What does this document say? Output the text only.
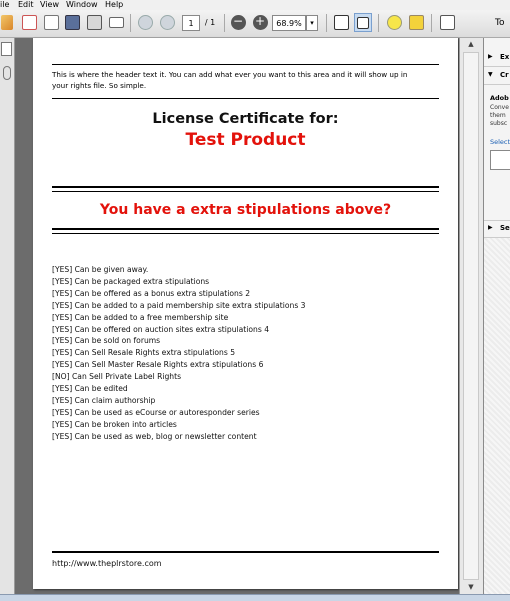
ile Edit View Window Help
1	/ 1 − +	68.9%	▾	To
This is where the header text it. You can add what ever you want to this area and it will show up in
your rights file. So simple.
License Certificate for:
Test Product
You have a extra stipulations above?
[YES] Can be given away.
[YES] Can be packaged extra stipulations
[YES] Can be offered as a bonus extra stipulations 2
[YES] Can be added to a paid membership site extra stipulations 3
[YES] Can be added to a free membership site
[YES] Can be offered on auction sites extra stipulations 4
[YES] Can be sold on forums
[YES] Can Sell Resale Rights extra stipulations 5
[YES] Can Sell Master Resale Rights extra stipulations 6
[NO] Can Sell Private Label Rights
[YES] Can be edited
[YES] Can claim authorship
[YES] Can be used as eCourse or autoresponder series
[YES] Can be broken into articles
[YES] Can be used as web, blog or newsletter content
http://www.theplrstore.com
▲
▼
▶ Ex
▼ Cr
Adob
Conve
them
subsc
Select
▶ Se
